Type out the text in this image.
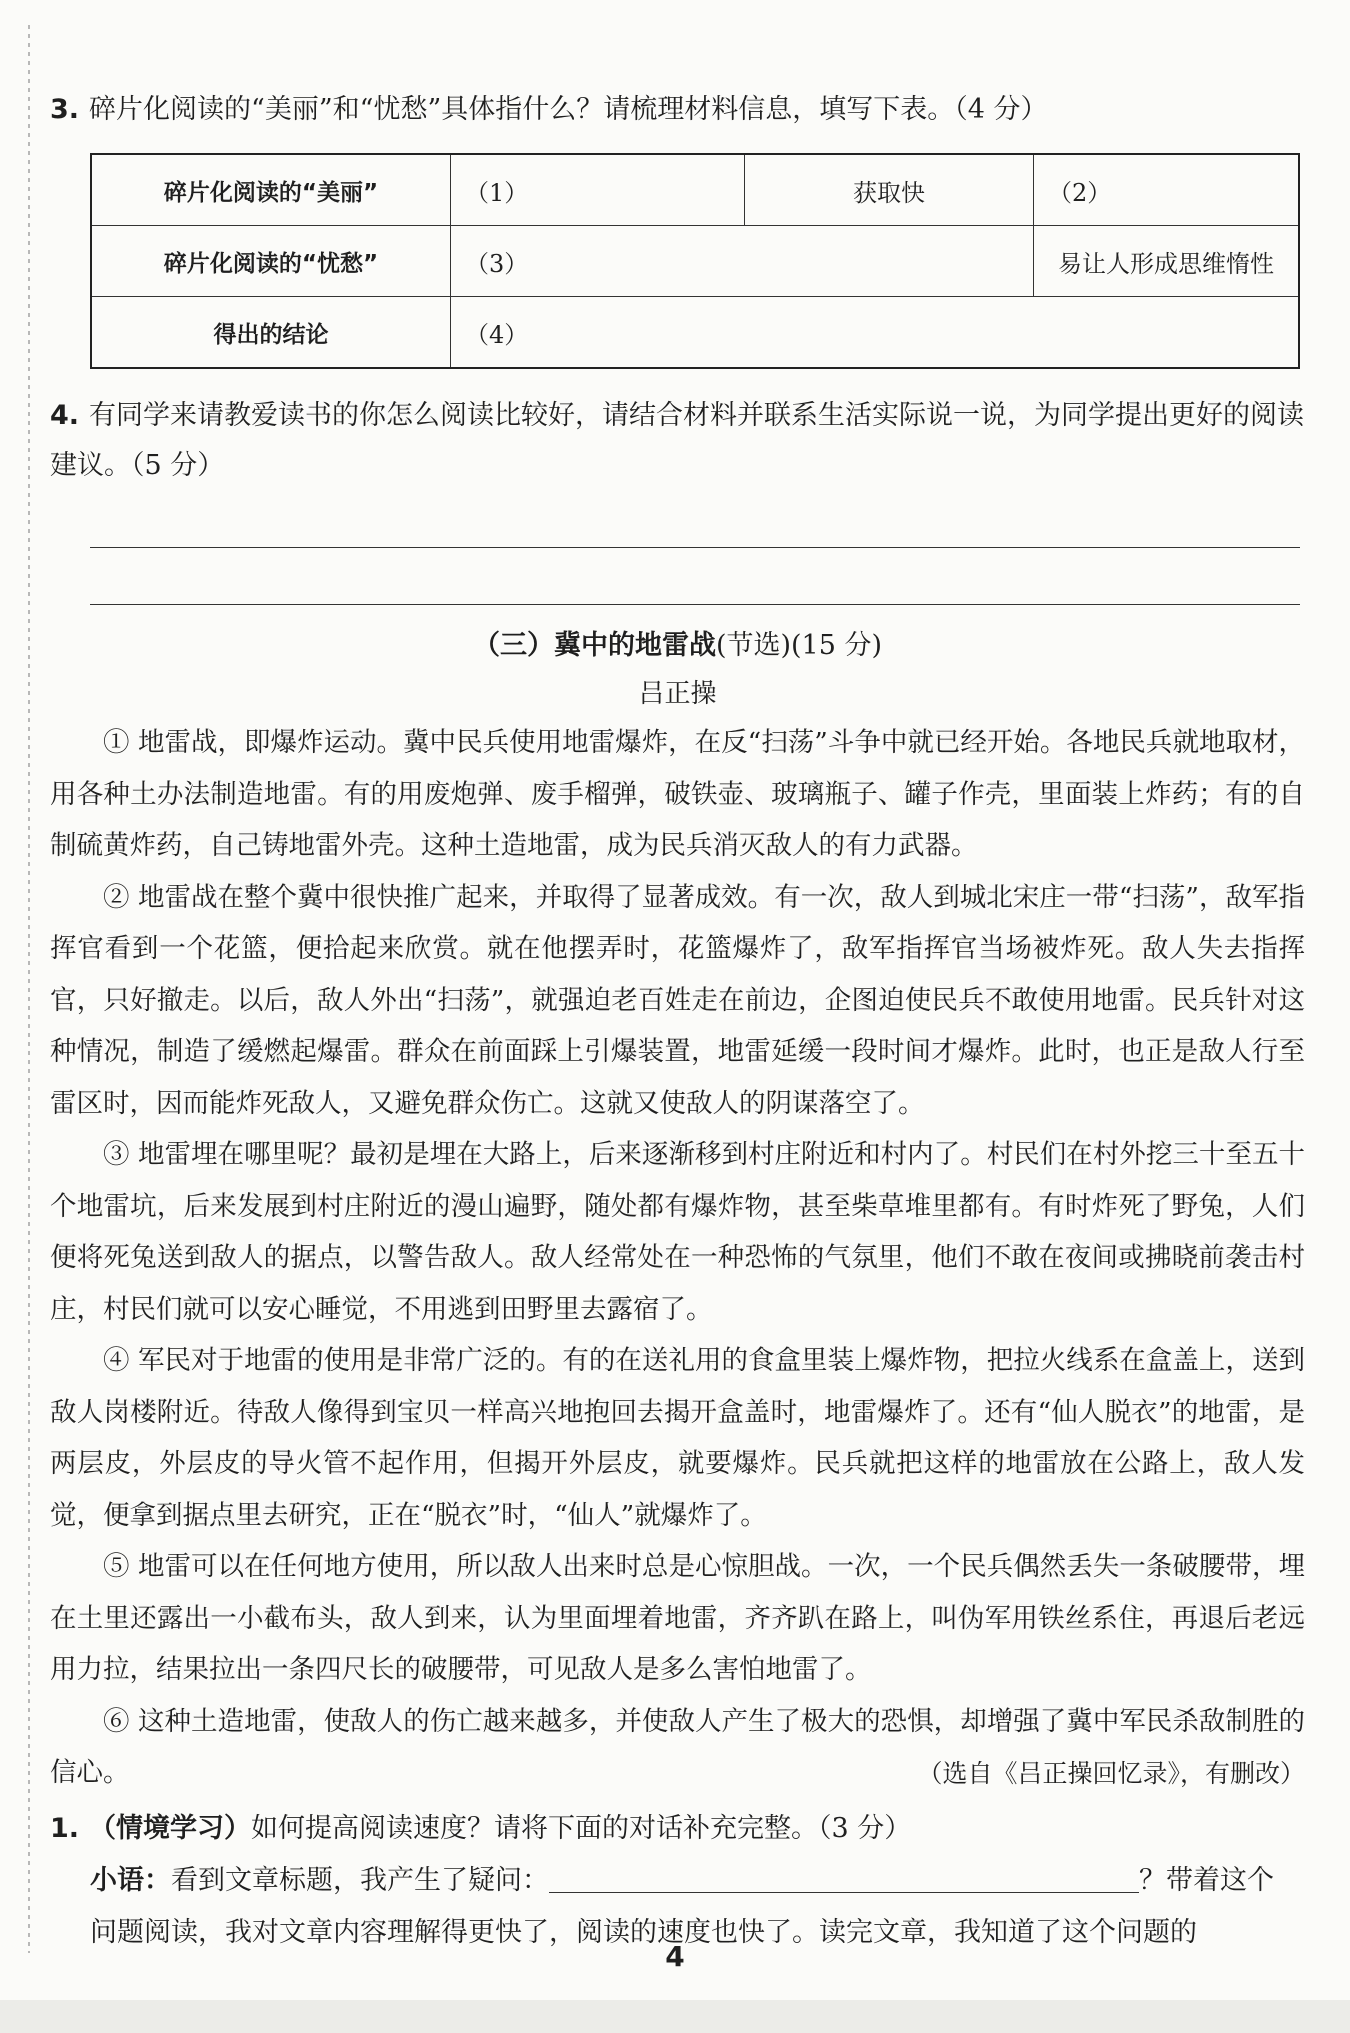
3. 碎片化阅读的“美丽”和“忧愁”具体指什么？请梳理材料信息，填写下表。（4 分）
碎片化阅读的“美丽”	（1）	获取快	（2）
碎片化阅读的“忧愁”	（3）		易让人形成思维惰性
得出的结论	（4）		
4. 有同学来请教爱读书的你怎么阅读比较好，请结合材料并联系生活实际说一说，为同学提出更好的阅读建议。（5 分）
（三）冀中的地雷战(节选)(15 分)
吕正操

① 地雷战，即爆炸运动。冀中民兵使用地雷爆炸，在反“扫荡”斗争中就已经开始。各地民兵就地取材，用各种土办法制造地雷。有的用废炮弹、废手榴弹，破铁壶、玻璃瓶子、罐子作壳，里面装上炸药；有的自制硫黄炸药，自己铸地雷外壳。这种土造地雷，成为民兵消灭敌人的有力武器。

② 地雷战在整个冀中很快推广起来，并取得了显著成效。有一次，敌人到城北宋庄一带“扫荡”，敌军指挥官看到一个花篮，便拾起来欣赏。就在他摆弄时，花篮爆炸了，敌军指挥官当场被炸死。敌人失去指挥官，只好撤走。以后，敌人外出“扫荡”，就强迫老百姓走在前边，企图迫使民兵不敢使用地雷。民兵针对这种情况，制造了缓燃起爆雷。群众在前面踩上引爆装置，地雷延缓一段时间才爆炸。此时，也正是敌人行至雷区时，因而能炸死敌人，又避免群众伤亡。这就又使敌人的阴谋落空了。

③ 地雷埋在哪里呢？最初是埋在大路上，后来逐渐移到村庄附近和村内了。村民们在村外挖三十至五十个地雷坑，后来发展到村庄附近的漫山遍野，随处都有爆炸物，甚至柴草堆里都有。有时炸死了野兔，人们便将死兔送到敌人的据点，以警告敌人。敌人经常处在一种恐怖的气氛里，他们不敢在夜间或拂晓前袭击村庄，村民们就可以安心睡觉，不用逃到田野里去露宿了。

④ 军民对于地雷的使用是非常广泛的。有的在送礼用的食盒里装上爆炸物，把拉火线系在盒盖上，送到敌人岗楼附近。待敌人像得到宝贝一样高兴地抱回去揭开盒盖时，地雷爆炸了。还有“仙人脱衣”的地雷，是两层皮，外层皮的导火管不起作用，但揭开外层皮，就要爆炸。民兵就把这样的地雷放在公路上，敌人发觉，便拿到据点里去研究，正在“脱衣”时，“仙人”就爆炸了。

⑤ 地雷可以在任何地方使用，所以敌人出来时总是心惊胆战。一次，一个民兵偶然丢失一条破腰带，埋在土里还露出一小截布头，敌人到来，认为里面埋着地雷，齐齐趴在路上，叫伪军用铁丝系住，再退后老远用力拉，结果拉出一条四尺长的破腰带，可见敌人是多么害怕地雷了。

⑥ 这种土造地雷，使敌人的伤亡越来越多，并使敌人产生了极大的恐惧，却增强了冀中军民杀敌制胜的信心。	（选自《吕正操回忆录》，有删改）
1. （情境学习）如何提高阅读速度？请将下面的对话补充完整。（3 分）
小语：看到文章标题，我产生了疑问：	？带着这个
问题阅读，我对文章内容理解得更快了，阅读的速度也快了。读完文章，我知道了这个问题的
4
